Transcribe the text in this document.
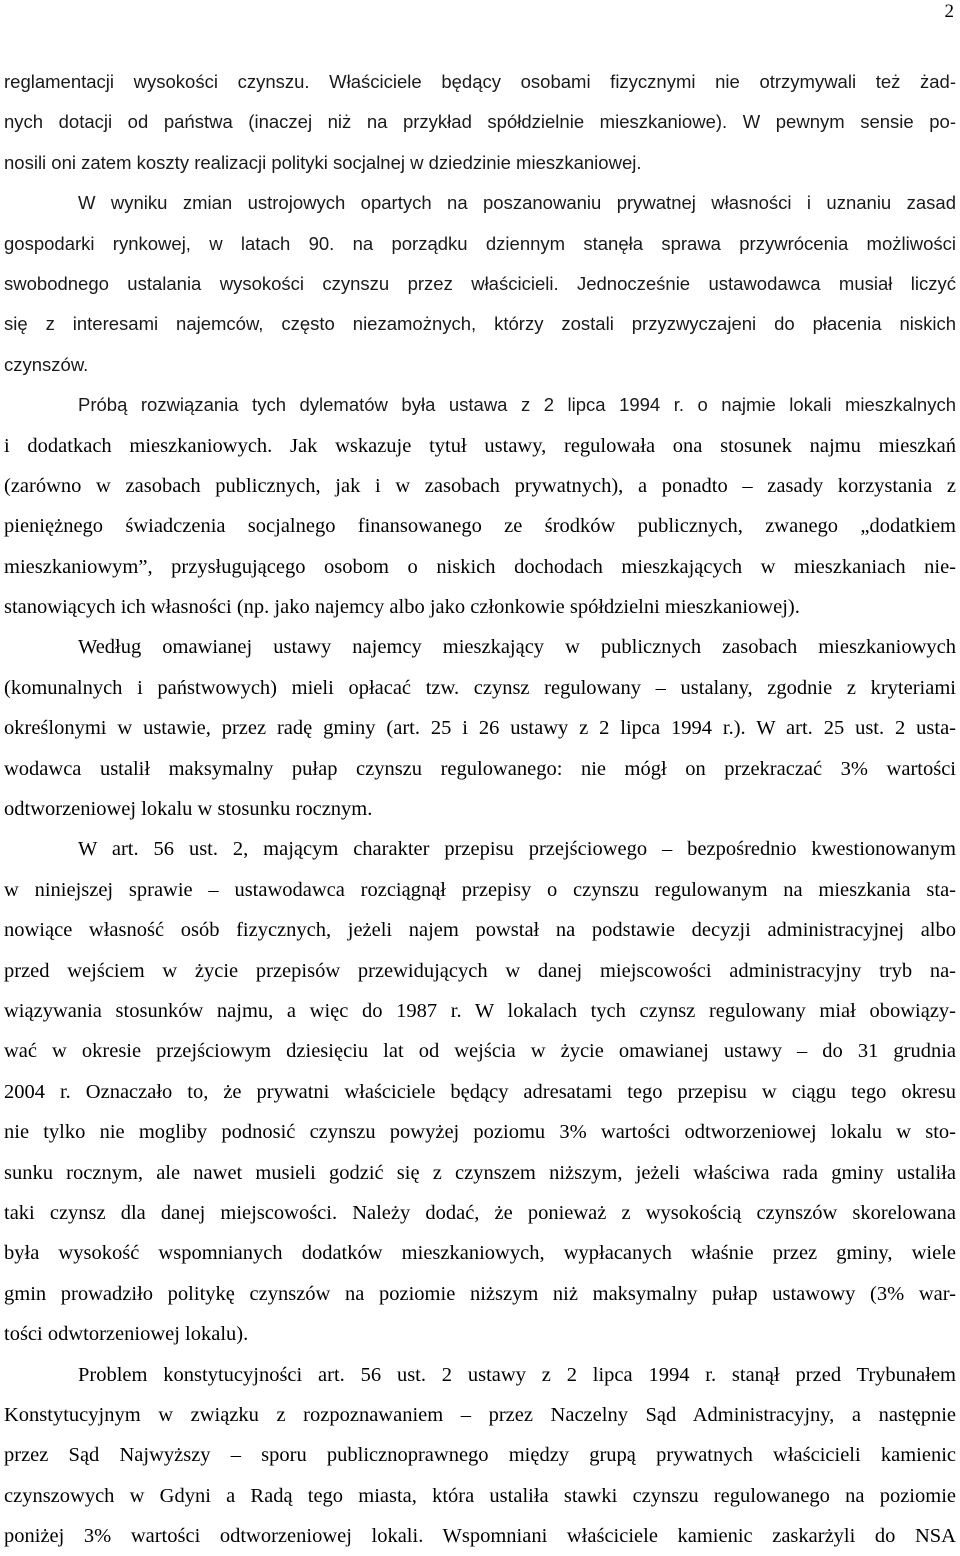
2
reglamentacji wysokości czynszu. Właściciele będący osobami fizycznymi nie otrzymywali też żad-
nych dotacji od państwa (inaczej niż na przykład spółdzielnie mieszkaniowe). W pewnym sensie po-
nosili oni zatem koszty realizacji polityki socjalnej w dziedzinie mieszkaniowej.
W wyniku zmian ustrojowych opartych na poszanowaniu prywatnej własności i uznaniu zasad
gospodarki rynkowej, w latach 90. na porządku dziennym stanęła sprawa przywrócenia możliwości
swobodnego ustalania wysokości czynszu przez właścicieli. Jednocześnie ustawodawca musiał liczyć
się z interesami najemców, często niezamożnych, którzy zostali przyzwyczajeni do płacenia niskich
czynszów.
Próbą rozwiązania tych dylematów była ustawa z 2 lipca 1994 r. o najmie lokali mieszkalnych
i dodatkach mieszkaniowych. Jak wskazuje tytuł ustawy, regulowała ona stosunek najmu mieszkań
(zarówno w zasobach publicznych, jak i w zasobach prywatnych), a ponadto – zasady korzystania z
pieniężnego świadczenia socjalnego finansowanego ze środków publicznych, zwanego „dodatkiem
mieszkaniowym”, przysługującego osobom o niskich dochodach mieszkających w mieszkaniach nie-
stanowiących ich własności (np. jako najemcy albo jako członkowie spółdzielni mieszkaniowej).
Według omawianej ustawy najemcy mieszkający w publicznych zasobach mieszkaniowych
(komunalnych i państwowych) mieli opłacać tzw. czynsz regulowany – ustalany, zgodnie z kryteriami
określonymi w ustawie, przez radę gminy (art. 25 i 26 ustawy z 2 lipca 1994 r.). W art. 25 ust. 2 usta-
wodawca ustalił maksymalny pułap czynszu regulowanego: nie mógł on przekraczać 3% wartości
odtworzeniowej lokalu w stosunku rocznym.
W art. 56 ust. 2, mającym charakter przepisu przejściowego – bezpośrednio kwestionowanym
w niniejszej sprawie – ustawodawca rozciągnął przepisy o czynszu regulowanym na mieszkania sta-
nowiące własność osób fizycznych, jeżeli najem powstał na podstawie decyzji administracyjnej albo
przed wejściem w życie przepisów przewidujących w danej miejscowości administracyjny tryb na-
wiązywania stosunków najmu, a więc do 1987 r. W lokalach tych czynsz regulowany miał obowiązy-
wać w okresie przejściowym dziesięciu lat od wejścia w życie omawianej ustawy – do 31 grudnia
2004 r. Oznaczało to, że prywatni właściciele będący adresatami tego przepisu w ciągu tego okresu
nie tylko nie mogliby podnosić czynszu powyżej poziomu 3% wartości odtworzeniowej lokalu w sto-
sunku rocznym, ale nawet musieli godzić się z czynszem niższym, jeżeli właściwa rada gminy ustaliła
taki czynsz dla danej miejscowości. Należy dodać, że ponieważ z wysokością czynszów skorelowana
była wysokość wspomnianych dodatków mieszkaniowych, wypłacanych właśnie przez gminy, wiele
gmin prowadziło politykę czynszów na poziomie niższym niż maksymalny pułap ustawowy (3% war-
tości odwtorzeniowej lokalu).
Problem konstytucyjności art. 56 ust. 2 ustawy z 2 lipca 1994 r. stanął przed Trybunałem
Konstytucyjnym w związku z rozpoznawaniem – przez Naczelny Sąd Administracyjny, a następnie
przez Sąd Najwyższy – sporu publicznoprawnego między grupą prywatnych właścicieli kamienic
czynszowych w Gdyni a Radą tego miasta, która ustaliła stawki czynszu regulowanego na poziomie
poniżej 3% wartości odtworzeniowej lokali. Wspomniani właściciele kamienic zaskarżyli do NSA
